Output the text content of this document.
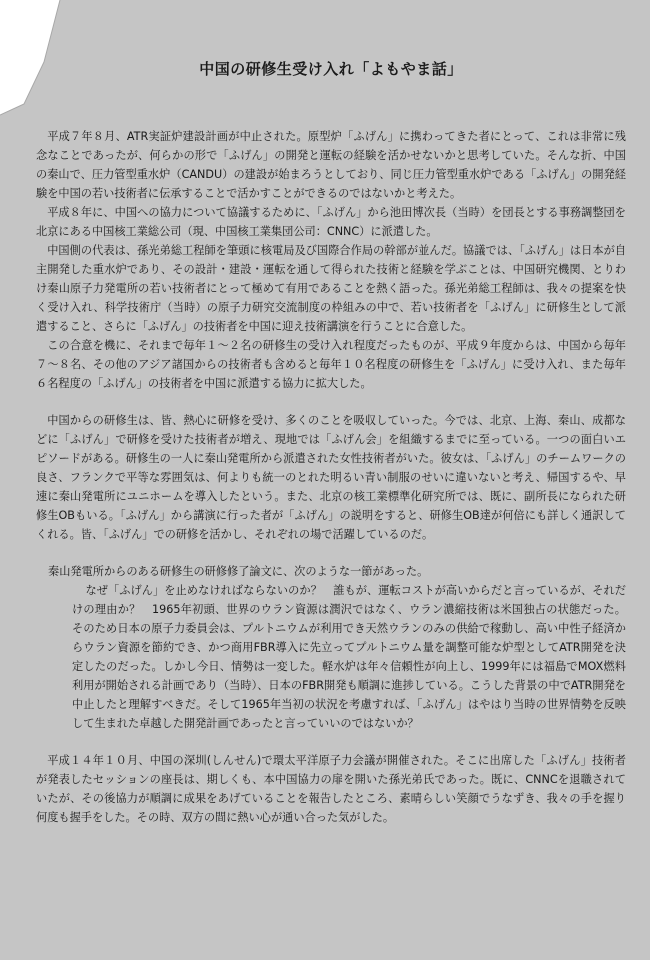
中国の研修生受け入れ「よもやま話」

平成７年８月、ATR実証炉建設計画が中止された。原型炉「ふげん」に携わってきた者にとって、これは非常に残念なことであったが、何らかの形で「ふげん」の開発と運転の経験を活かせないかと思考していた。そんな折、中国の秦山で、圧力管型重水炉（CANDU）の建設が始まろうとしており、同じ圧力管型重水炉である「ふげん」の開発経験を中国の若い技術者に伝承することで活かすことができるのではないかと考えた。

平成８年に、中国への協力について協議するために、「ふげん」から池田博次長（当時）を団長とする事務調整団を北京にある中国核工業総公司（現、中国核工業集団公司：CNNC）に派遣した。

中国側の代表は、孫光弟総工程師を筆頭に核電局及び国際合作局の幹部が並んだ。協議では、「ふげん」は日本が自主開発した重水炉であり、その設計・建設・運転を通して得られた技術と経験を学ぶことは、中国研究機関、とりわけ秦山原子力発電所の若い技術者にとって極めて有用であることを熱く語った。孫光弟総工程師は、我々の提案を快く受け入れ、科学技術庁（当時）の原子力研究交流制度の枠組みの中で、若い技術者を「ふげん」に研修生として派遣すること、さらに「ふげん」の技術者を中国に迎え技術講演を行うことに合意した。

この合意を機に、それまで毎年１～２名の研修生の受け入れ程度だったものが、平成９年度からは、中国から毎年７～８名、その他のアジア諸国からの技術者も含めると毎年１０名程度の研修生を「ふげん」に受け入れ、また毎年６名程度の「ふげん」の技術者を中国に派遣する協力に拡大した。

中国からの研修生は、皆、熱心に研修を受け、多くのことを吸収していった。今では、北京、上海、秦山、成都などに「ふげん」で研修を受けた技術者が増え、現地では「ふげん会」を組織するまでに至っている。一つの面白いエピソードがある。研修生の一人に秦山発電所から派遣された女性技術者がいた。彼女は、「ふげん」のチームワークの良さ、フランクで平等な雰囲気は、何よりも統一のとれた明るい青い制服のせいに違いないと考え、帰国するや、早速に秦山発電所にユニホームを導入したという。また、北京の核工業標準化研究所では、既に、副所長になられた研修生OBもいる。「ふげん」から講演に行った者が「ふげん」の説明をすると、研修生OB達が何倍にも詳しく通訳してくれる。皆、「ふげん」での研修を活かし、それぞれの場で活躍しているのだ。

秦山発電所からのある研修生の研修修了論文に、次のような一節があった。

なぜ「ふげん」を止めなければならないのか？　誰もが、運転コストが高いからだと言っているが、それだけの理由か？　1965年初頭、世界のウラン資源は潤沢ではなく、ウラン濃縮技術は米国独占の状態だった。そのため日本の原子力委員会は、プルトニウムが利用でき天然ウランのみの供給で稼動し、高い中性子経済からウラン資源を節約でき、かつ商用FBR導入に先立ってプルトニウム量を調整可能な炉型としてATR開発を決定したのだった。しかし今日、情勢は一変した。軽水炉は年々信頼性が向上し、1999年には福島でMOX燃料利用が開始される計画であり（当時）、日本のFBR開発も順調に進捗している。こうした背景の中でATR開発を中止したと理解すべきだ。そして1965年当初の状況を考慮すれば、「ふげん」はやはり当時の世界情勢を反映して生まれた卓越した開発計画であったと言っていいのではないか？

平成１４年１０月、中国の深圳(しんせん)で環太平洋原子力会議が開催された。そこに出席した「ふげん」技術者が発表したセッションの座長は、期しくも、本中国協力の扉を開いた孫光弟氏であった。既に、CNNCを退職されていたが、その後協力が順調に成果をあげていることを報告したところ、素晴らしい笑顔でうなずき、我々の手を握り何度も握手をした。その時、双方の間に熱い心が通い合った気がした。
